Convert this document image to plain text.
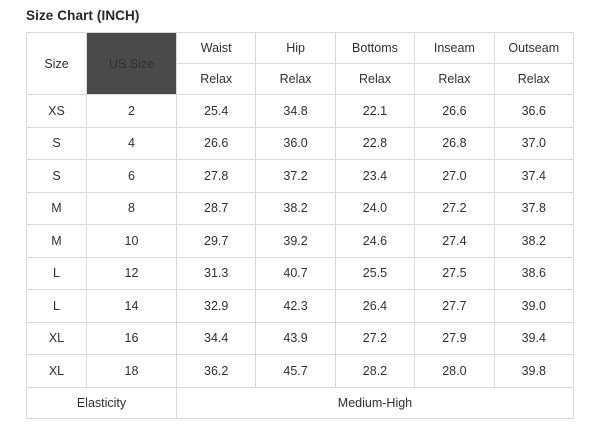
Size Chart (INCH)
Size	US Size	Waist	Hip	Bottoms	Inseam	Outseam
		Relax	Relax	Relax	Relax	Relax
XS	2	25.4	34.8	22.1	26.6	36.6
S	4	26.6	36.0	22.8	26.8	37.0
S	6	27.8	37.2	23.4	27.0	37.4
M	8	28.7	38.2	24.0	27.2	37.8
M	10	29.7	39.2	24.6	27.4	38.2
L	12	31.3	40.7	25.5	27.5	38.6
L	14	32.9	42.3	26.4	27.7	39.0
XL	16	34.4	43.9	27.2	27.9	39.4
XL	18	36.2	45.7	28.2	28.0	39.8
Elasticity		Medium-High				
